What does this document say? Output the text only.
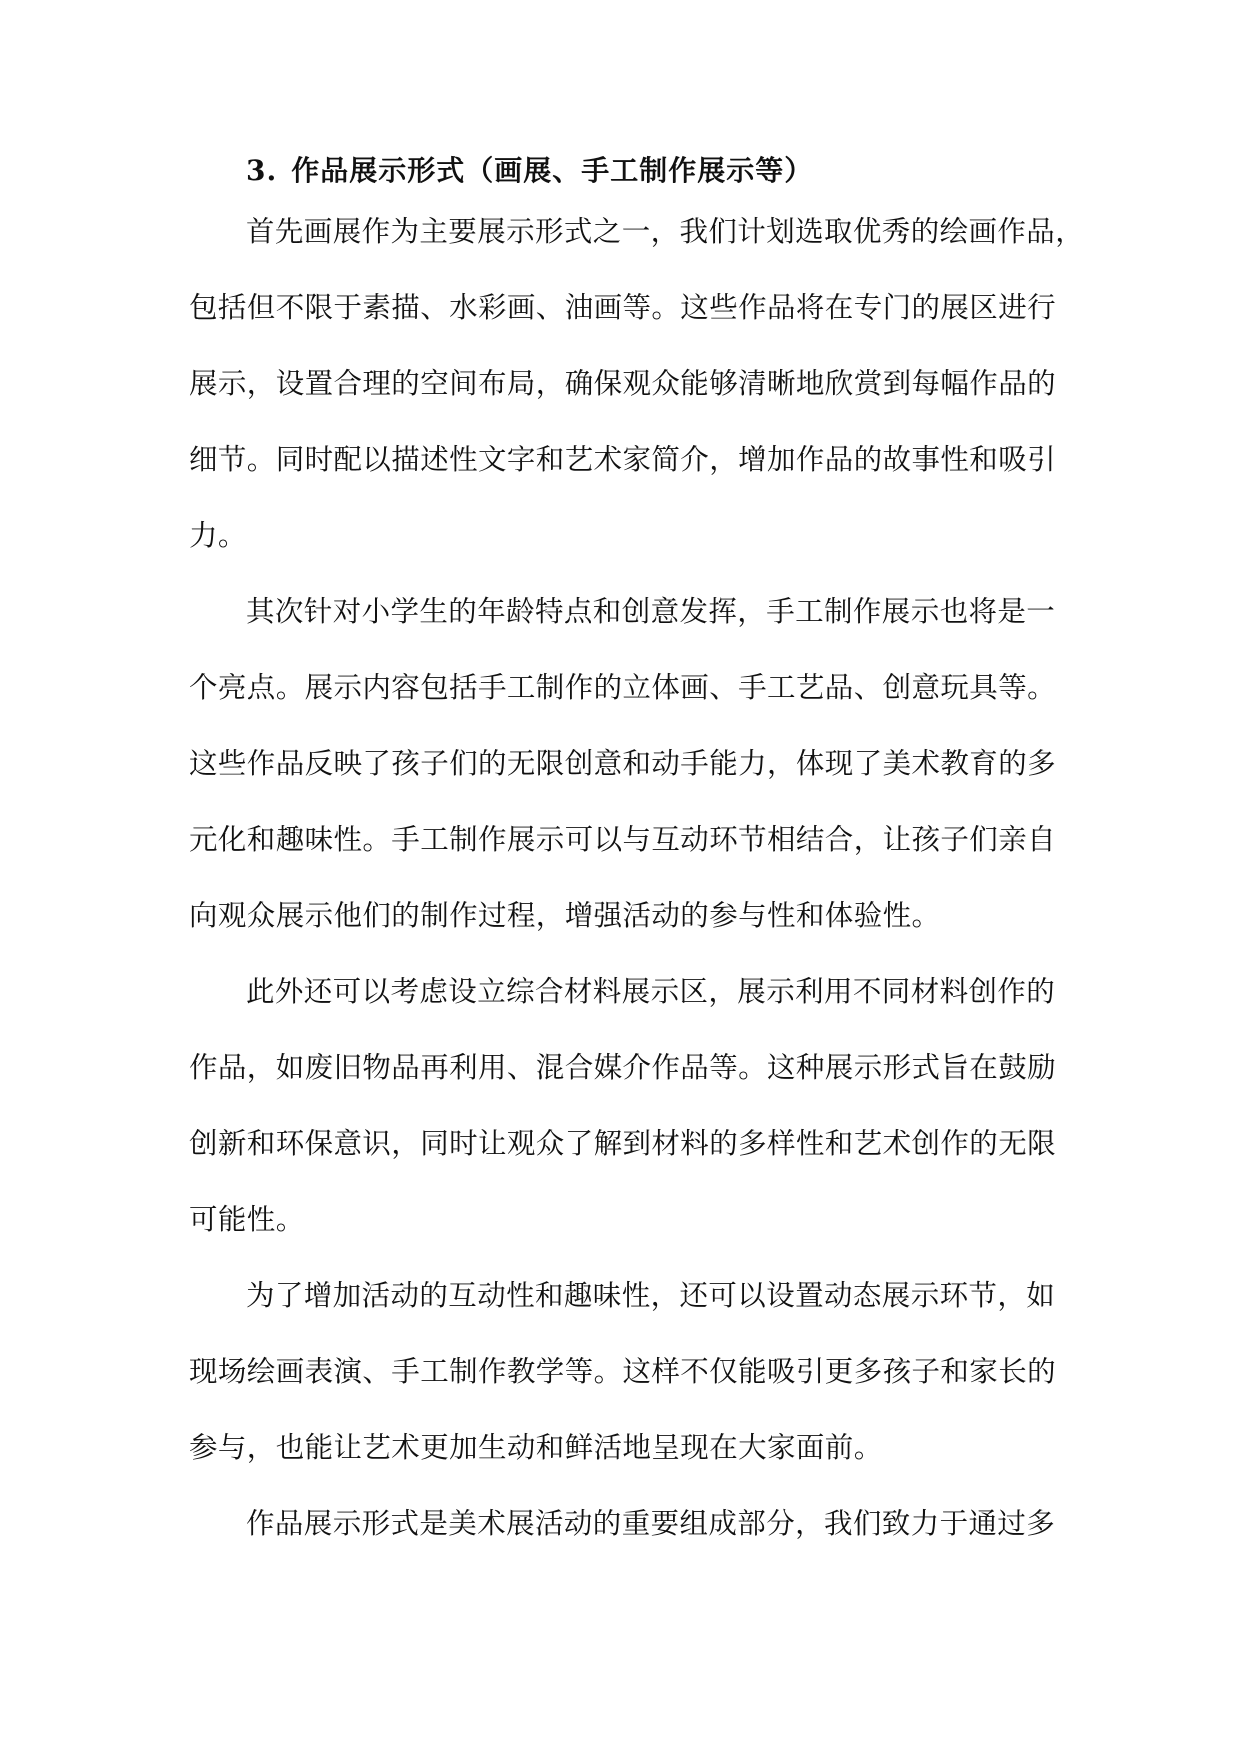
3. 作品展示形式（画展、手工制作展示等）

首先画展作为主要展示形式之一，我们计划选取优秀的绘画作品，
包括但不限于素描、水彩画、油画等。这些作品将在专门的展区进行
展示，设置合理的空间布局，确保观众能够清晰地欣赏到每幅作品的
细节。同时配以描述性文字和艺术家简介，增加作品的故事性和吸引
力。

其次针对小学生的年龄特点和创意发挥，手工制作展示也将是一
个亮点。展示内容包括手工制作的立体画、手工艺品、创意玩具等。
这些作品反映了孩子们的无限创意和动手能力，体现了美术教育的多
元化和趣味性。手工制作展示可以与互动环节相结合，让孩子们亲自
向观众展示他们的制作过程，增强活动的参与性和体验性。

此外还可以考虑设立综合材料展示区，展示利用不同材料创作的
作品，如废旧物品再利用、混合媒介作品等。这种展示形式旨在鼓励
创新和环保意识，同时让观众了解到材料的多样性和艺术创作的无限
可能性。

为了增加活动的互动性和趣味性，还可以设置动态展示环节，如
现场绘画表演、手工制作教学等。这样不仅能吸引更多孩子和家长的
参与，也能让艺术更加生动和鲜活地呈现在大家面前。

作品展示形式是美术展活动的重要组成部分，我们致力于通过多
